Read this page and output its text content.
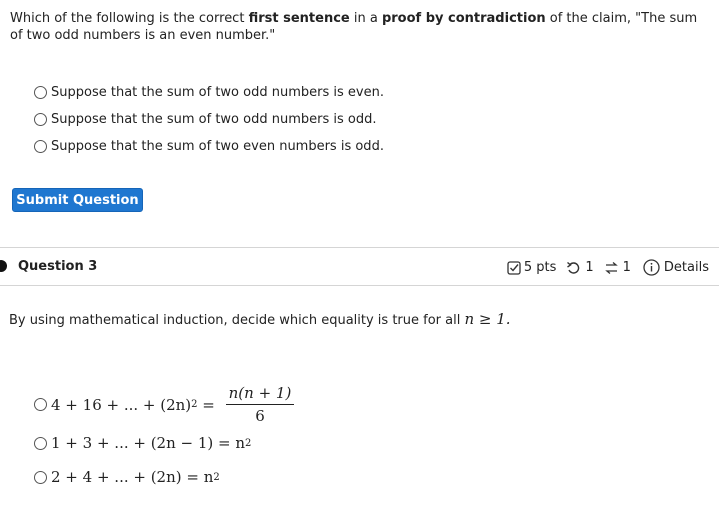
Which of the following is the correct first sentence in a proof by contradiction of the claim, "The sum of two odd numbers is an even number."
Suppose that the sum of two odd numbers is even.
Suppose that the sum of two odd numbers is odd.
Suppose that the sum of two even numbers is odd.
Submit Question
Question 3	5 pts 1 1	Details
By using mathematical induction, decide which equality is true for all n ≥ 1.
4 + 16 + ... + (2n) $2 = \frac{n(n + 1)}{6}$
1 + 3 + ... + (2n − 1) = n 2
2 + 4 + ... + (2n) = n 2
